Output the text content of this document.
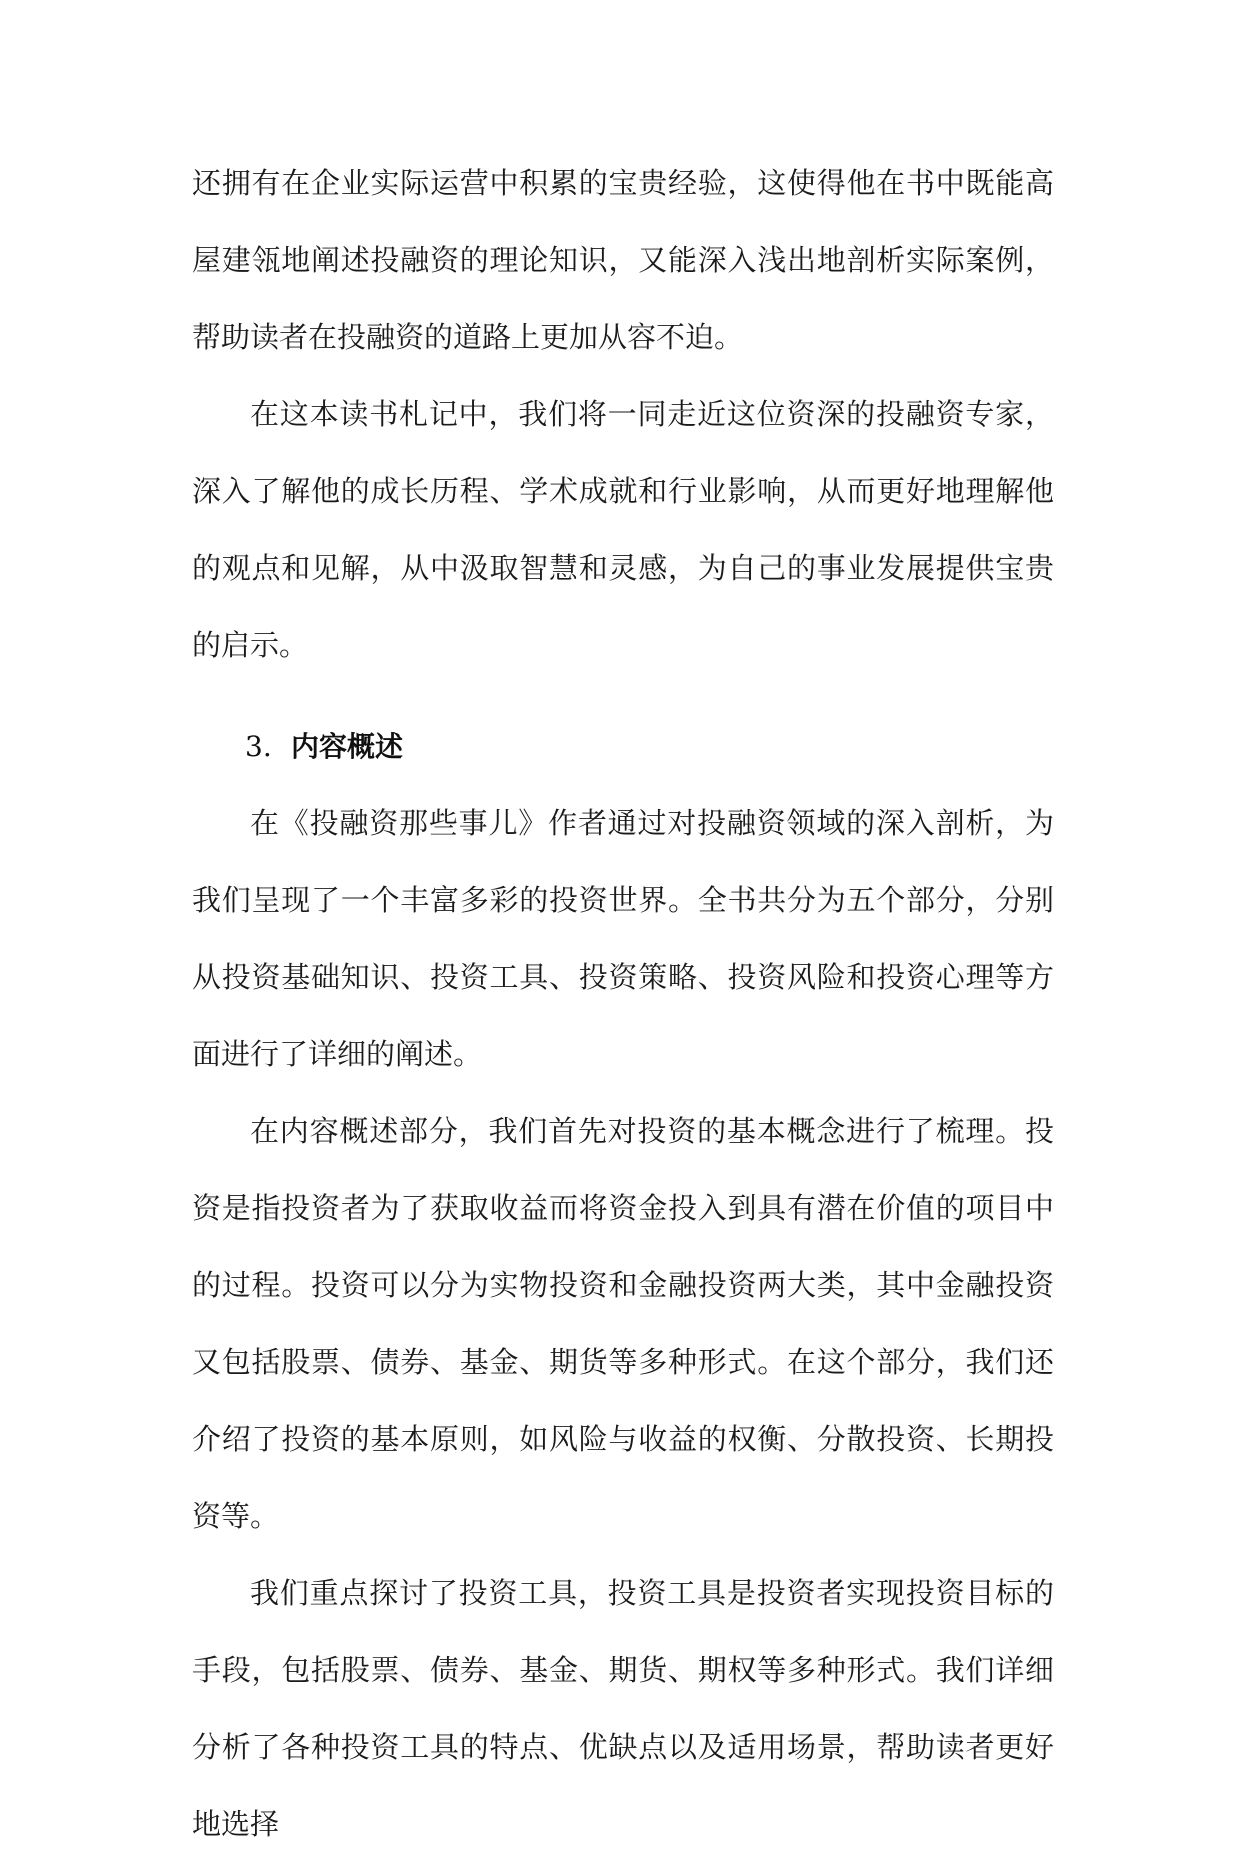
还拥有在企业实际运营中积累的宝贵经验，这使得他在书中既能高屋建瓴地阐述投融资的理论知识，又能深入浅出地剖析实际案例，帮助读者在投融资的道路上更加从容不迫。

在这本读书札记中，我们将一同走近这位资深的投融资专家，深入了解他的成长历程、学术成就和行业影响，从而更好地理解他的观点和见解，从中汲取智慧和灵感，为自己的事业发展提供宝贵的启示。

3. 内容概述

在《投融资那些事儿》作者通过对投融资领域的深入剖析，为我们呈现了一个丰富多彩的投资世界。全书共分为五个部分，分别从投资基础知识、投资工具、投资策略、投资风险和投资心理等方面进行了详细的阐述。

在内容概述部分，我们首先对投资的基本概念进行了梳理。投资是指投资者为了获取收益而将资金投入到具有潜在价值的项目中的过程。投资可以分为实物投资和金融投资两大类，其中金融投资又包括股票、债券、基金、期货等多种形式。在这个部分，我们还介绍了投资的基本原则，如风险与收益的权衡、分散投资、长期投资等。

我们重点探讨了投资工具，投资工具是投资者实现投资目标的手段，包括股票、债券、基金、期货、期权等多种形式。我们详细分析了各种投资工具的特点、优缺点以及适用场景，帮助读者更好地选择
